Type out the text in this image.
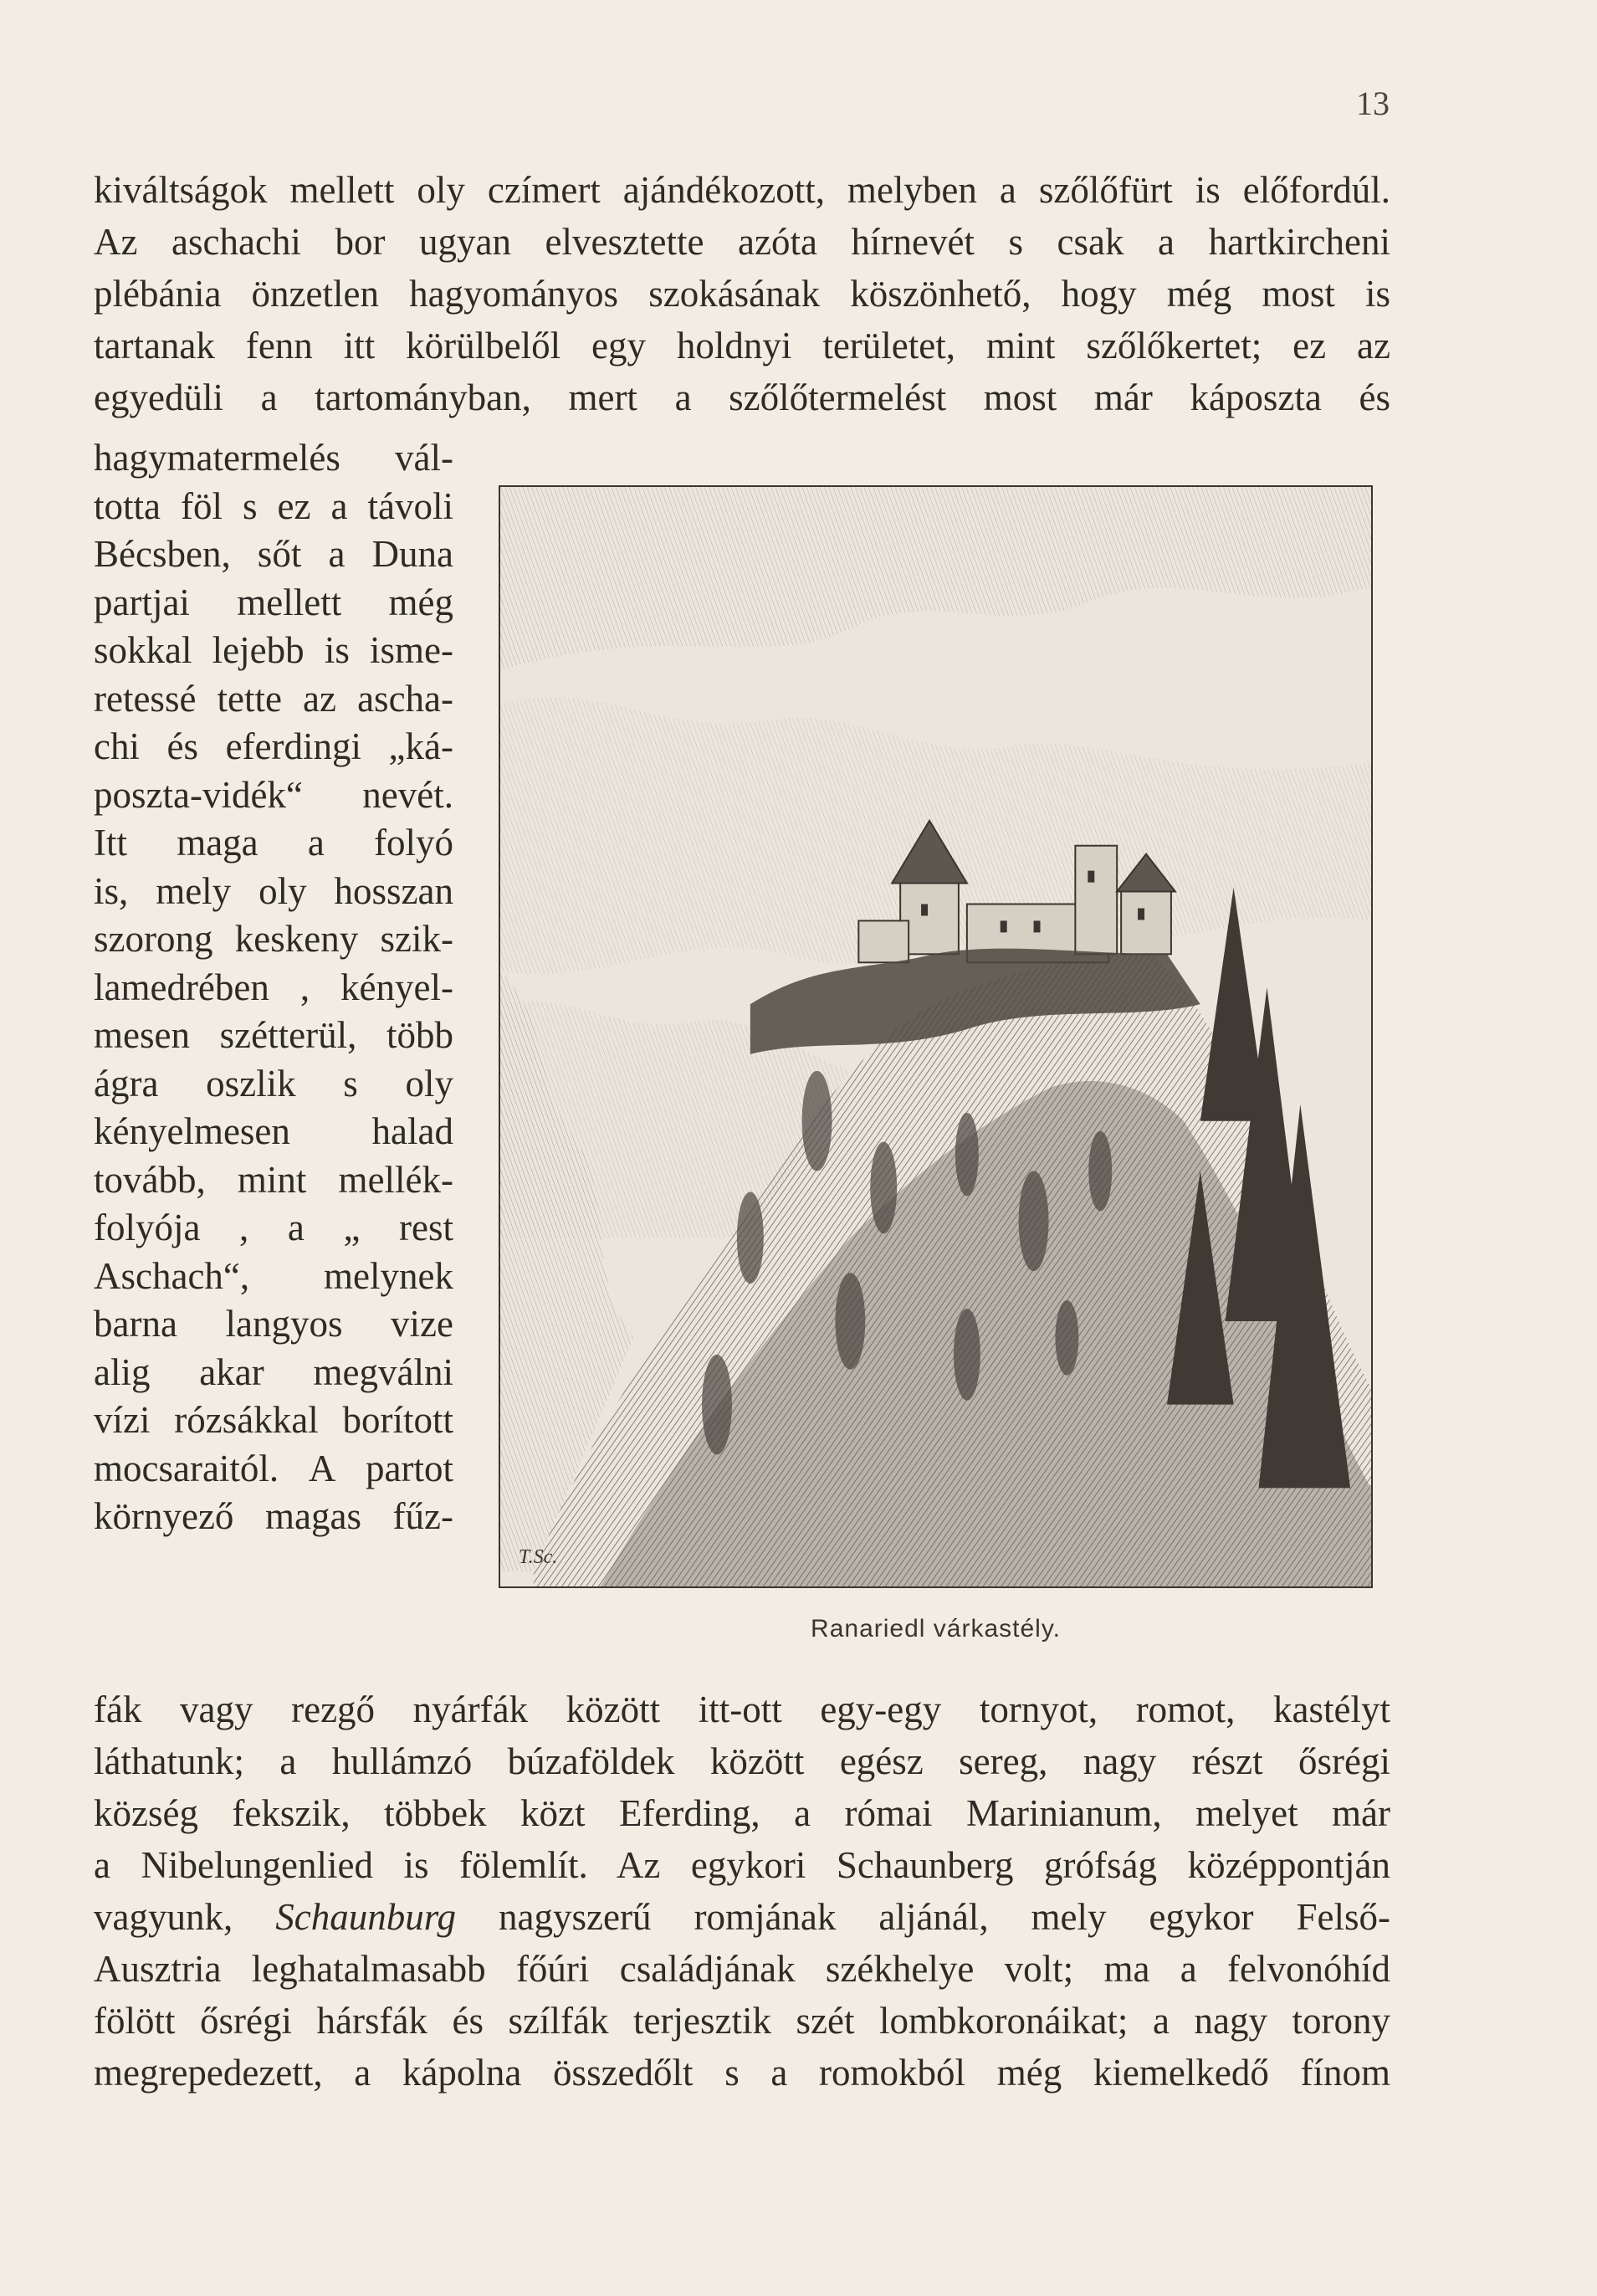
13
kiváltságok mellett oly czímert ajándékozott, melyben a szőlőfürt is előfordúl.
Az aschachi bor ugyan elvesztette azóta hírnevét s csak a hartkircheni
plébánia önzetlen hagyományos szokásának köszönhető, hogy még most is
tartanak fenn itt körülbelől egy holdnyi területet, mint szőlőkertet; ez az
egyedüli a tartományban, mert a szőlőtermelést most már káposzta és
hagymatermelés vál-
totta föl s ez a távoli
Bécsben, sőt a Duna
partjai mellett még
sokkal lejebb is isme-
retessé tette az ascha-
chi és eferdingi „ká-
poszta-vidék“ nevét.
Itt maga a folyó
is, mely oly hosszan
szorong keskeny szik-
lamedrében , kényel-
mesen szétterül, több
ágra oszlik s oly
kényelmesen halad
tovább, mint mellék-
folyója , a „ rest
Aschach“, melynek
barna langyos vize
alig akar megválni
vízi rózsákkal borított
mocsaraitól. A partot
környező magas fűz-
T.Sc.
Ranariedl várkastély.
fák vagy rezgő nyárfák között itt-ott egy-egy tornyot, romot, kastélyt
láthatunk; a hullámzó búzaföldek között egész sereg, nagy részt ősrégi
község fekszik, többek közt Eferding, a római Marinianum, melyet már
a Nibelungenlied is fölemlít. Az egykori Schaunberg grófság középpontján
vagyunk, Schaunburg nagyszerű romjának aljánál, mely egykor Felső-
Ausztria leghatalmasabb főúri családjának székhelye volt; ma a felvonóhíd
fölött ősrégi hársfák és szílfák terjesztik szét lombkoronáikat; a nagy torony
megrepedezett, a kápolna összedőlt s a romokból még kiemelkedő fínom
